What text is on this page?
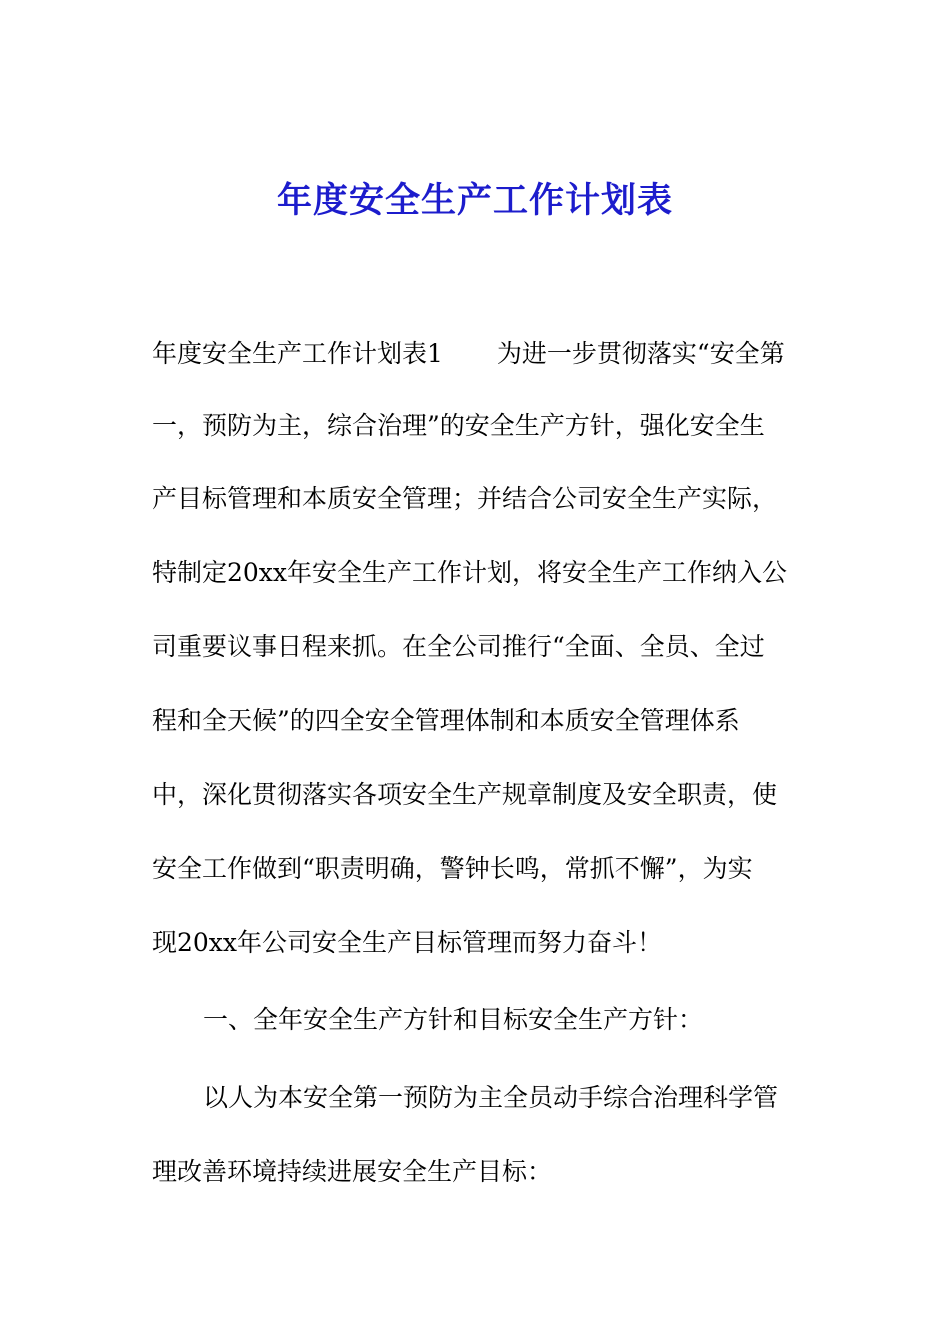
年度安全生产工作计划表

年度安全生产工作计划表1 为进一步贯彻落实“安全第

一，预防为主，综合治理”的安全生产方针，强化安全生

产目标管理和本质安全管理；并结合公司安全生产实际，

特制定20xx年安全生产工作计划，将安全生产工作纳入公

司重要议事日程来抓。在全公司推行“全面、全员、全过

程和全天候”的四全安全管理体制和本质安全管理体系

中，深化贯彻落实各项安全生产规章制度及安全职责，使

安全工作做到“职责明确，警钟长鸣，常抓不懈”，为实

现20xx年公司安全生产目标管理而努力奋斗！

一、全年安全生产方针和目标安全生产方针：

以人为本安全第一预防为主全员动手综合治理科学管

理改善环境持续进展安全生产目标：
